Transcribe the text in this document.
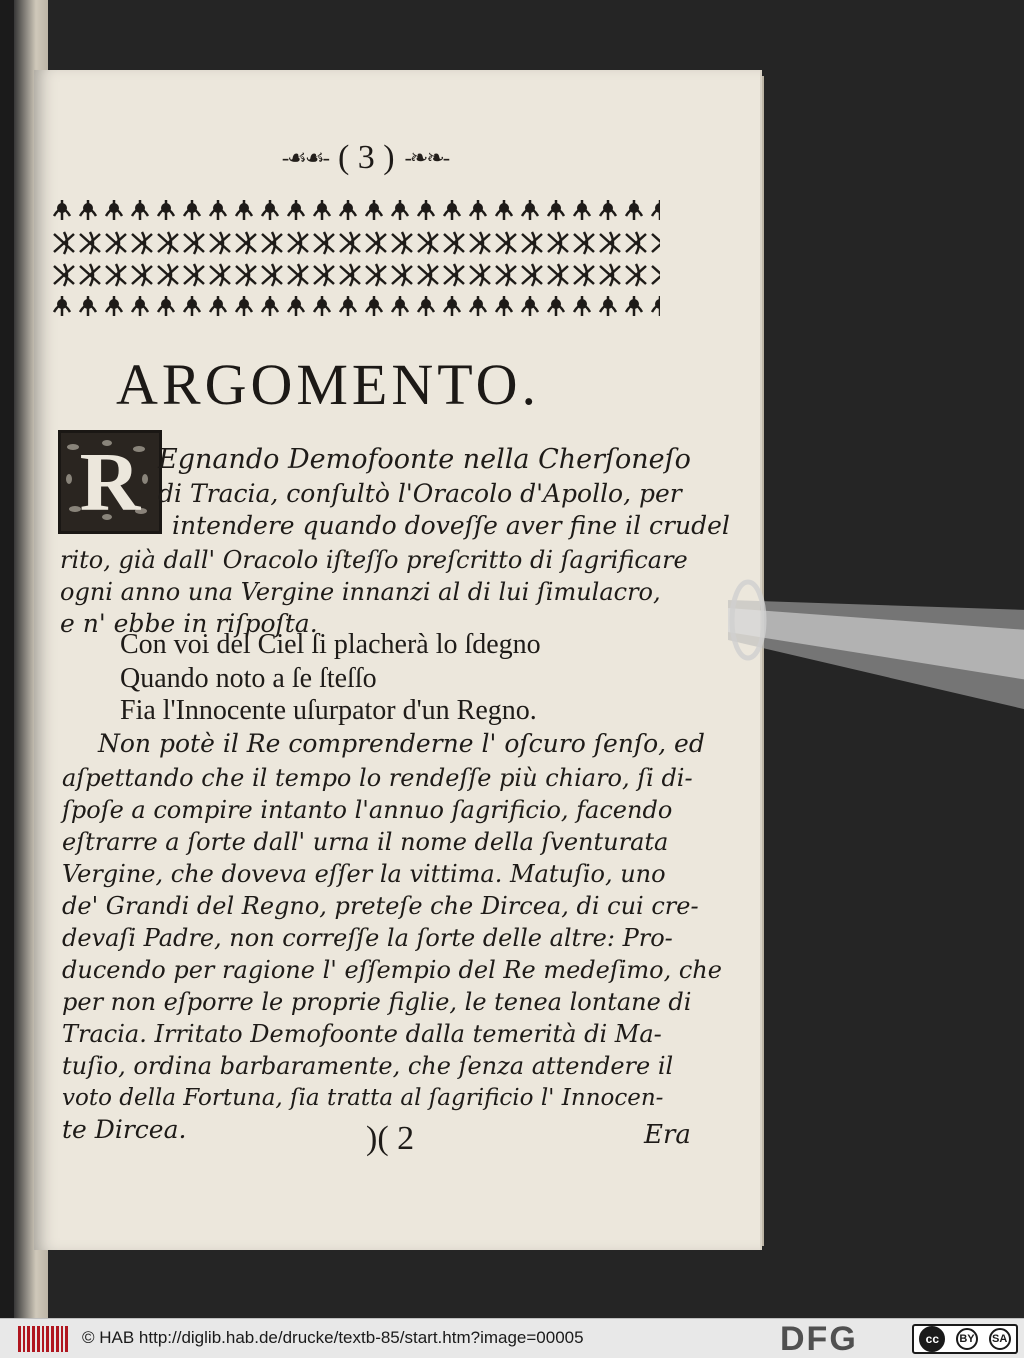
-☙☙- ( 3 ) -❧❧-
ARGOMENTO.
R Egnando Demofoonte nella Cherſoneſo
di Tracia, conſultò l'Oracolo d'Apollo, per
intendere quando doveſſe aver fine il crudel
rito, già dall' Oracolo iſteſſo preſcritto di ſagrificare
ogni anno una Vergine innanzi al di lui ſimulacro,
e n' ebbe in riſpoſta.
Con voi del Ciel ſi placherà lo ſdegno
Quando noto a ſe ſteſſo
Fia l'Innocente uſurpator d'un Regno.
Non potè il Re comprenderne l' oſcuro ſenſo, ed
aſpettando che il tempo lo rendeſſe più chiaro, ſi di-
ſpoſe a compire intanto l'annuo ſagrificio, facendo
eſtrarre a ſorte dall' urna il nome della ſventurata
Vergine, che doveva eſſer la vittima. Matuſio, uno
de' Grandi del Regno, preteſe che Dircea, di cui cre-
devaſi Padre, non correſſe la ſorte delle altre: Pro-
ducendo per ragione l' eſſempio del Re medeſimo, che
per non eſporre le proprie figlie, le tenea lontane di
Tracia. Irritato Demofoonte dalla temerità di Ma-
tuſio, ordina barbaramente, che ſenza attendere il
voto della Fortuna, ſia tratta al ſagrificio l' Innocen-
te Dircea.	)( 2	Era
© HAB http://diglib.hab.de/drucke/textb-85/start.htm?image=00005	DFG	cc	BY	SA
